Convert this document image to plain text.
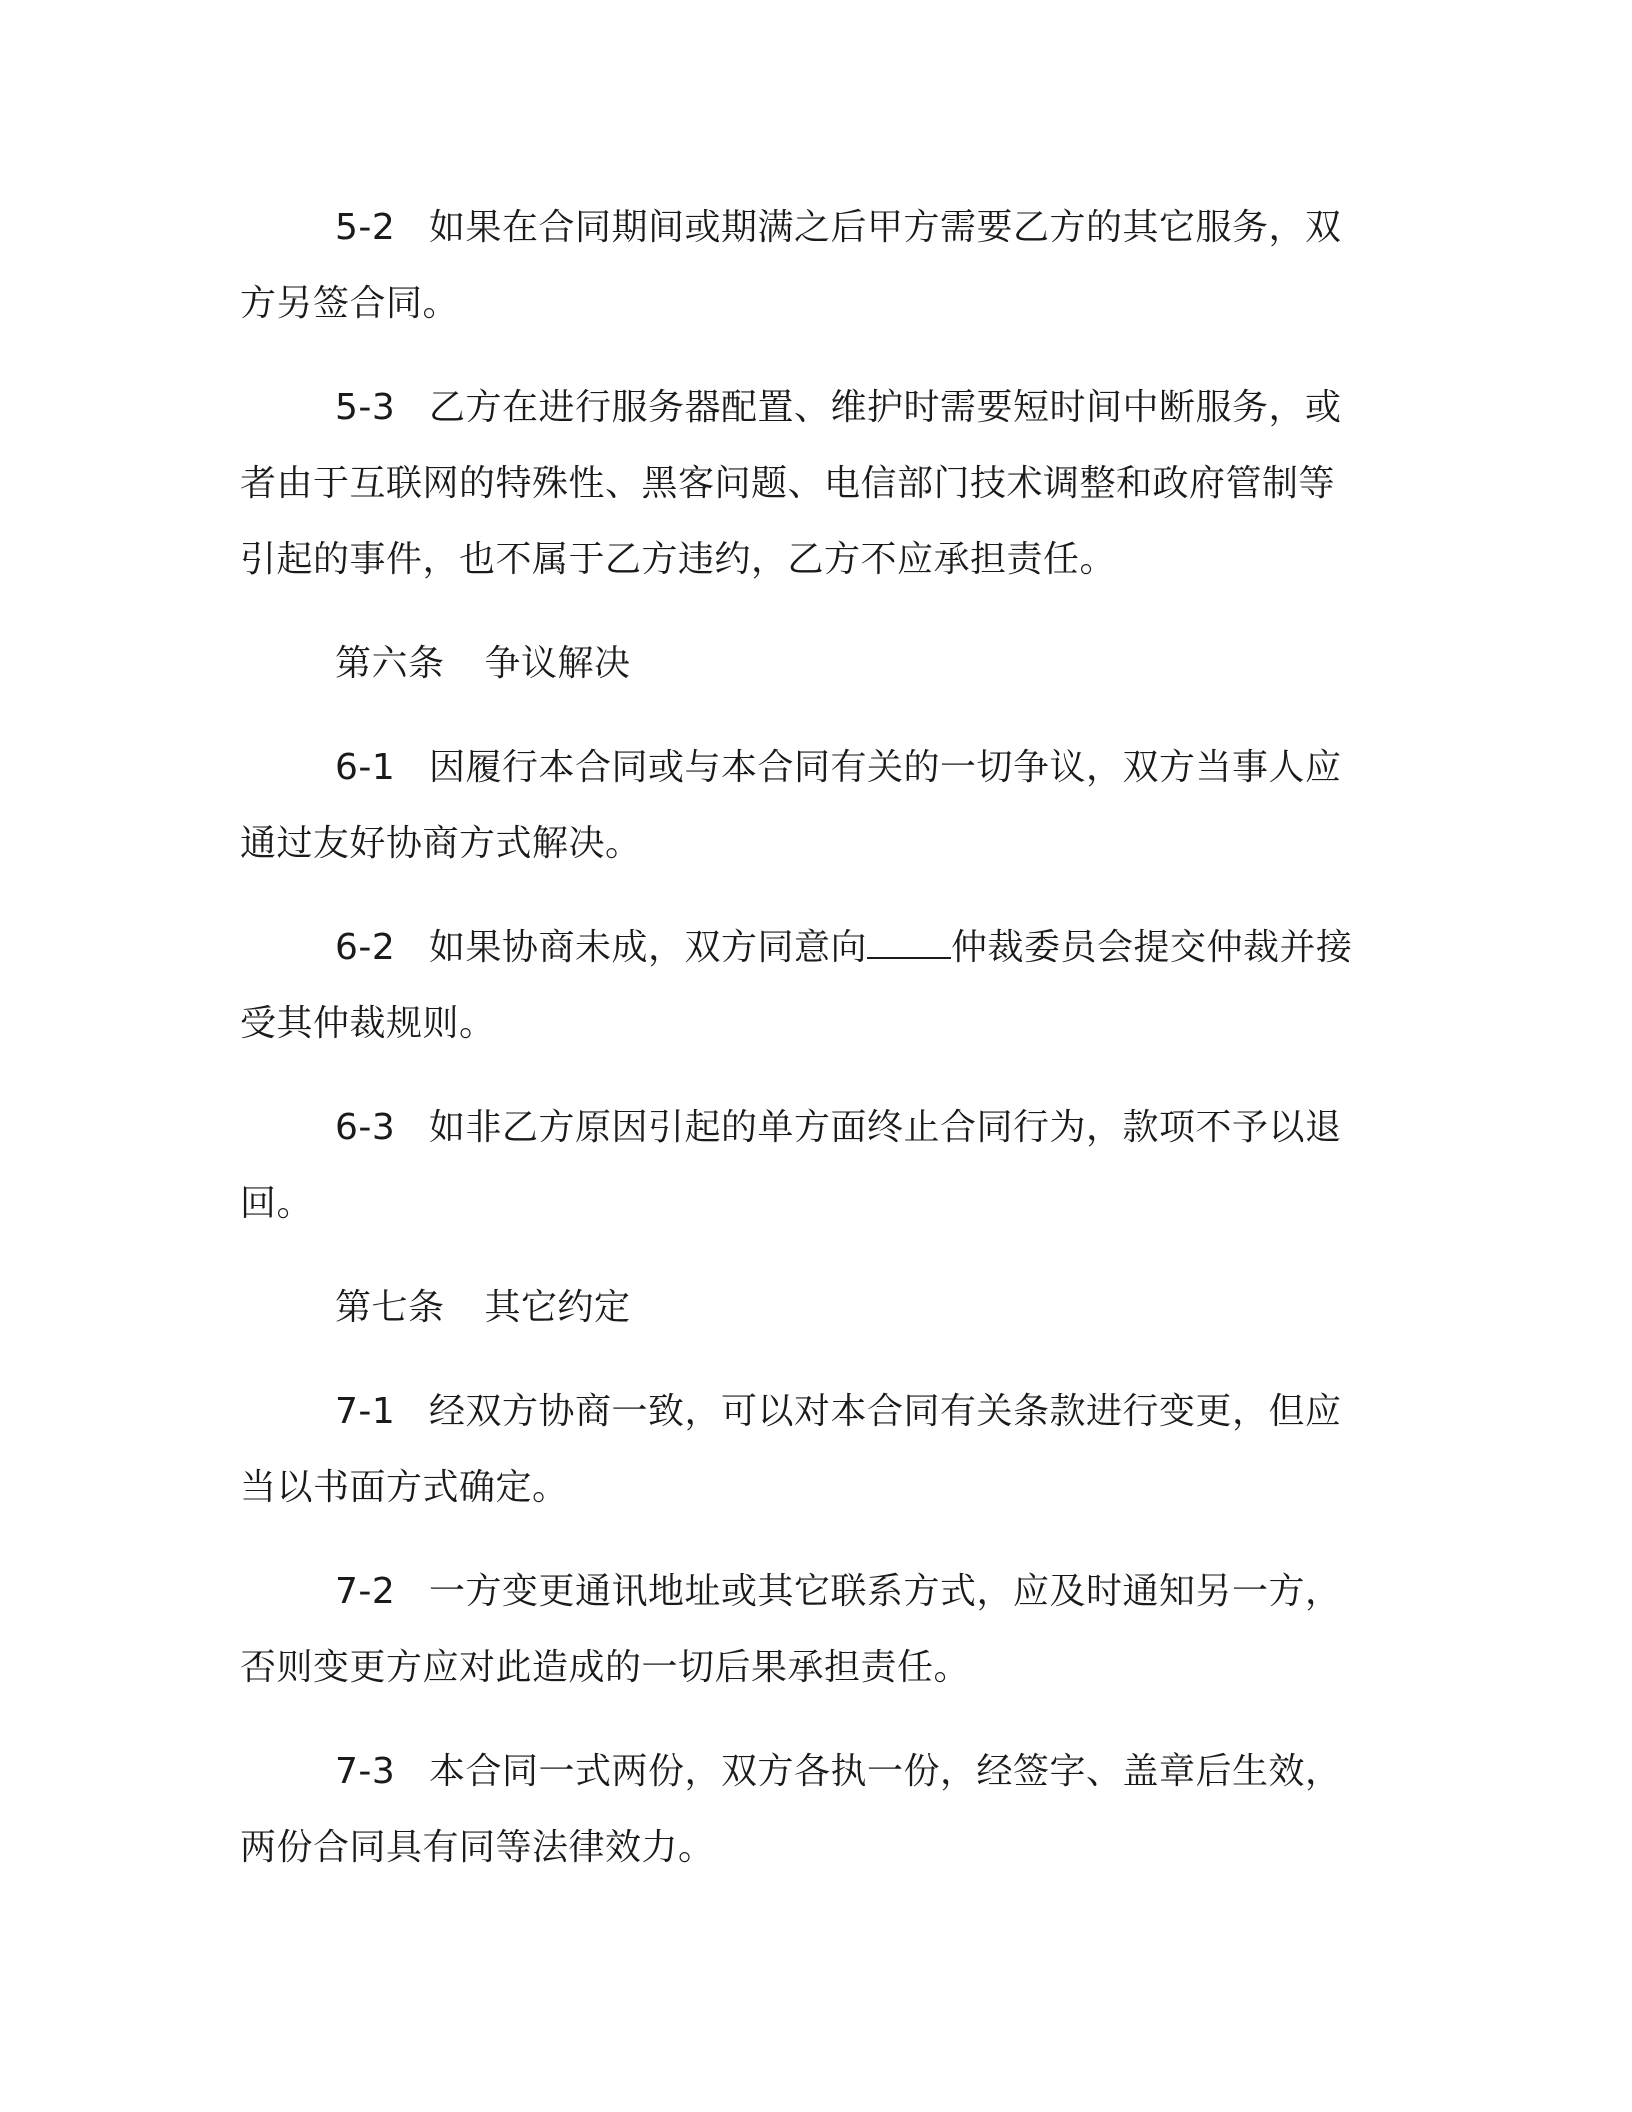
5-2 如果在合同期间或期满之后甲方需要乙方的其它服务，双方另签合同。

5-3 乙方在进行服务器配置、维护时需要短时间中断服务，或者由于互联网的特殊性、黑客问题、电信部门技术调整和政府管制等引起的事件，也不属于乙方违约，乙方不应承担责任。

第六条 争议解决

6-1 因履行本合同或与本合同有关的一切争议，双方当事人应通过友好协商方式解决。

6-2 如果协商未成，双方同意向 仲裁委员会提交仲裁并接受其仲裁规则。

6-3 如非乙方原因引起的单方面终止合同行为，款项不予以退回。

第七条 其它约定

7-1 经双方协商一致，可以对本合同有关条款进行变更，但应当以书面方式确定。

7-2 一方变更通讯地址或其它联系方式，应及时通知另一方，否则变更方应对此造成的一切后果承担责任。

7-3 本合同一式两份，双方各执一份，经签字、盖章后生效，两份合同具有同等法律效力。
